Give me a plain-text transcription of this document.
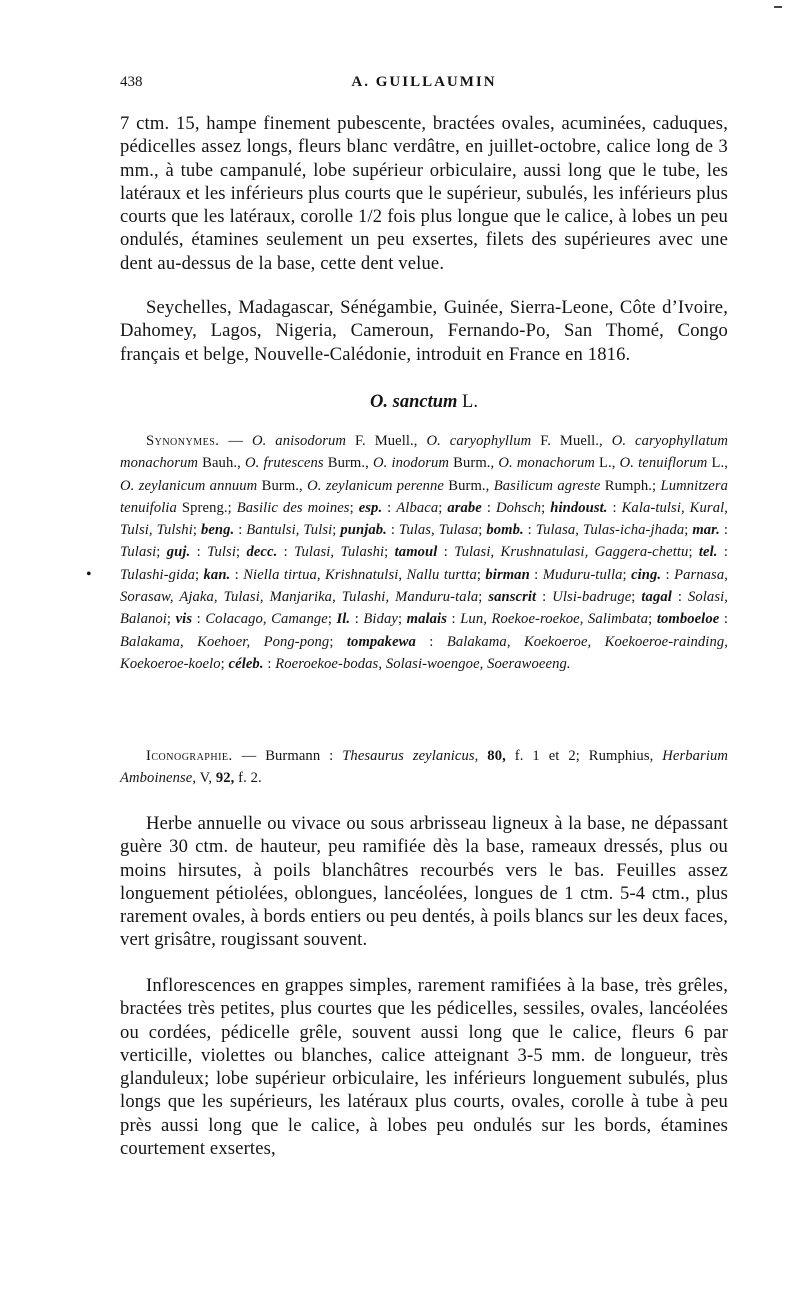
438	A. GUILLAUMIN

7 ctm. 15, hampe finement pubescente, bractées ovales, acuminées, caduques, pédicelles assez longs, fleurs blanc verdâtre, en juillet-octobre, calice long de 3 mm., à tube campanulé, lobe supérieur orbiculaire, aussi long que le tube, les latéraux et les inférieurs plus courts que le supérieur, subulés, les inférieurs plus courts que les latéraux, corolle 1/2 fois plus longue que le calice, à lobes un peu ondulés, étamines seulement un peu exsertes, filets des supérieures avec une dent au-dessus de la base, cette dent velue.

Seychelles, Madagascar, Sénégambie, Guinée, Sierra-Leone, Côte d’Ivoire, Dahomey, Lagos, Nigeria, Cameroun, Fernando-Po, San Thomé, Congo français et belge, Nouvelle-Calédonie, introduit en France en 1816.

O. sanctum L.
•

Synonymes. — O. anisodorum F. Muell., O. caryophyllum F. Muell., O. caryophyllatum monachorum Bauh., O. frutescens Burm., O. inodorum Burm., O. monachorum L., O. tenuiflorum L., O. zeylanicum annuum Burm., O. zeylanicum perenne Burm., Basilicum agreste Rumph.; Lumnitzera tenuifolia Spreng.; Basilic des moines; esp. : Albaca; arabe : Dohsch; hindoust. : Kala-tulsi, Kural, Tulsi, Tulshi; beng. : Bantulsi, Tulsi; punjab. : Tulas, Tulasa; bomb. : Tulasa, Tulas-icha-jhada; mar. : Tulasi; guj. : Tulsi; decc. : Tulasi, Tulashi; tamoul : Tulasi, Krushnatulasi, Gaggera-chettu; tel. : Tulashi-gida; kan. : Niella tirtua, Krishnatulsi, Nallu turtta; birman : Muduru-tulla; cing. : Parnasa, Sorasaw, Ajaka, Tulasi, Manjarika, Tulashi, Manduru-tala; sanscrit : Ulsi-badruge; tagal : Solasi, Balanoi; vis : Colacago, Camange; Il. : Biday; malais : Lun, Roekoe-roekoe, Salimbata; tomboeloe : Balakama, Koehoer, Pong-pong; tompakewa : Balakama, Koekoeroe, Koekoeroe-rainding, Koekoeroe-koelo; céleb. : Roeroekoe-bodas, Solasi-woengoe, Soerawoeeng.

Iconographie. — Burmann : Thesaurus zeylanicus, 80, f. 1 et 2; Rumphius, Herbarium Amboinense, V, 92, f. 2.

Herbe annuelle ou vivace ou sous arbrisseau ligneux à la base, ne dépassant guère 30 ctm. de hauteur, peu ramifiée dès la base, rameaux dressés, plus ou moins hirsutes, à poils blanchâtres recourbés vers le bas. Feuilles assez longuement pétiolées, oblongues, lancéolées, longues de 1 ctm. 5-4 ctm., plus rarement ovales, à bords entiers ou peu dentés, à poils blancs sur les deux faces, vert grisâtre, rougissant souvent.

Inflorescences en grappes simples, rarement ramifiées à la base, très grêles, bractées très petites, plus courtes que les pédicelles, sessiles, ovales, lancéolées ou cordées, pédicelle grêle, souvent aussi long que le calice, fleurs 6 par verticille, violettes ou blanches, calice atteignant 3-5 mm. de longueur, très glanduleux; lobe supérieur orbiculaire, les inférieurs longuement subulés, plus longs que les supérieurs, les latéraux plus courts, ovales, corolle à tube à peu près aussi long que le calice, à lobes peu ondulés sur les bords, étamines courtement exsertes,
